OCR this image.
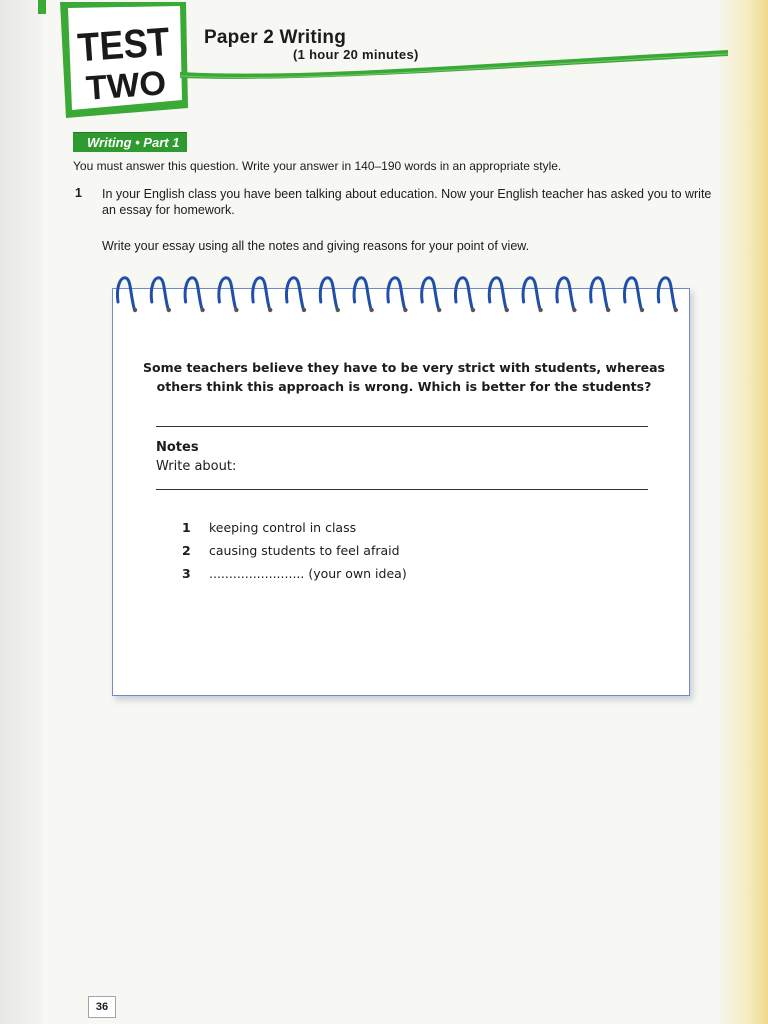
TEST
TWO
Paper 2 Writing
(1 hour 20 minutes)
Writing • Part 1
You must answer this question. Write your answer in 140–190 words in an appropriate style.
1 In your English class you have been talking about education. Now your English teacher has asked you to write an essay for homework.
Write your essay using all the notes and giving reasons for your point of view.
Some teachers believe they have to be very strict with students, whereas
others think this approach is wrong. Which is better for the students?
Notes
Write about:
1 keeping control in class
2 causing students to feel afraid
3 ........................ (your own idea)
36
